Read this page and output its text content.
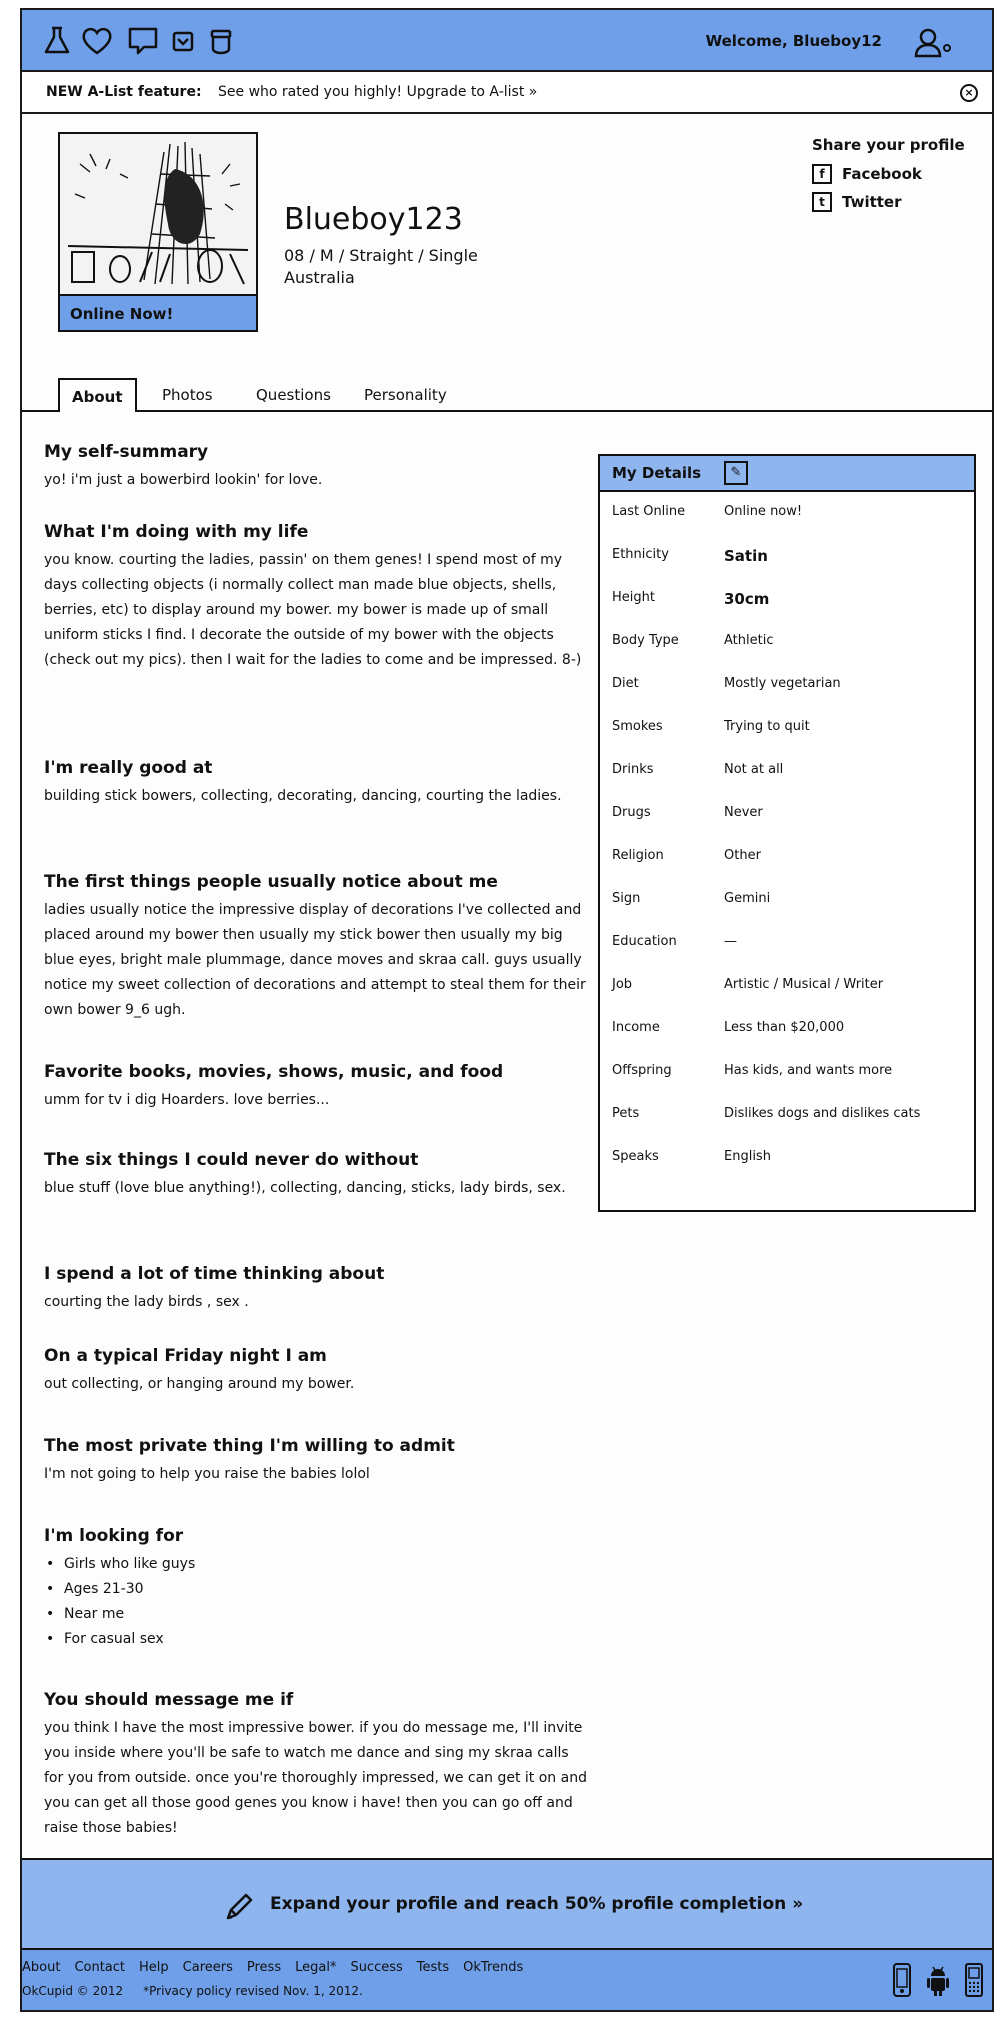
Welcome, Blueboy12
NEW A-List feature: See who rated you highly! Upgrade to A-list »	×
Online Now!
Blueboy123
08 / M / Straight / Single
Australia
Share your profile
f	Facebook
t	Twitter
About	Photos	Questions	Personality
My self-summary

yo! i'm just a bowerbird lookin' for love.

What I'm doing with my life

you know. courting the ladies, passin' on them genes! I spend most of my days collecting objects (i normally collect man made blue objects, shells, berries, etc) to display around my bower. my bower is made up of small uniform sticks I find. I decorate the outside of my bower with the objects (check out my pics). then I wait for the ladies to come and be impressed. 8-)

I'm really good at

building stick bowers, collecting, decorating, dancing, courting the ladies.

The first things people usually notice about me

ladies usually notice the impressive display of decorations I've collected and placed around my bower then usually my stick bower then usually my big blue eyes, bright male plummage, dance moves and skraa call. guys usually notice my sweet collection of decorations and attempt to steal them for their own bower 9_6 ugh.

Favorite books, movies, shows, music, and food

umm for tv i dig Hoarders. love berries...

The six things I could never do without

blue stuff (love blue anything!), collecting, dancing, sticks, lady birds, sex.

I spend a lot of time thinking about

courting the lady birds , sex .

On a typical Friday night I am

out collecting, or hanging around my bower.

The most private thing I'm willing to admit

I'm not going to help you raise the babies lolol

I'm looking for
• Girls who like guys
• Ages 21-30
• Near me
• For casual sex
You should message me if

you think I have the most impressive bower. if you do message me, I'll invite you inside where you'll be safe to watch me dance and sing my skraa calls for you from outside. once you're thoroughly impressed, we can get it on and you can get all those good genes you know i have! then you can go off and raise those babies!

My Details	✎
Last Online	Online now!
Ethnicity	Satin
Height	30cm
Body Type	Athletic
Diet	Mostly vegetarian
Smokes	Trying to quit
Drinks	Not at all
Drugs	Never
Religion	Other
Sign	Gemini
Education	—
Job	Artistic / Musical / Writer
Income	Less than $20,000
Offspring	Has kids, and wants more
Pets	Dislikes dogs and dislikes cats
Speaks	English
Expand your profile and reach 50% profile completion »
About Contact Help Careers Press Legal* Success Tests OkTrends
OkCupid © 2012 *Privacy policy revised Nov. 1, 2012.
